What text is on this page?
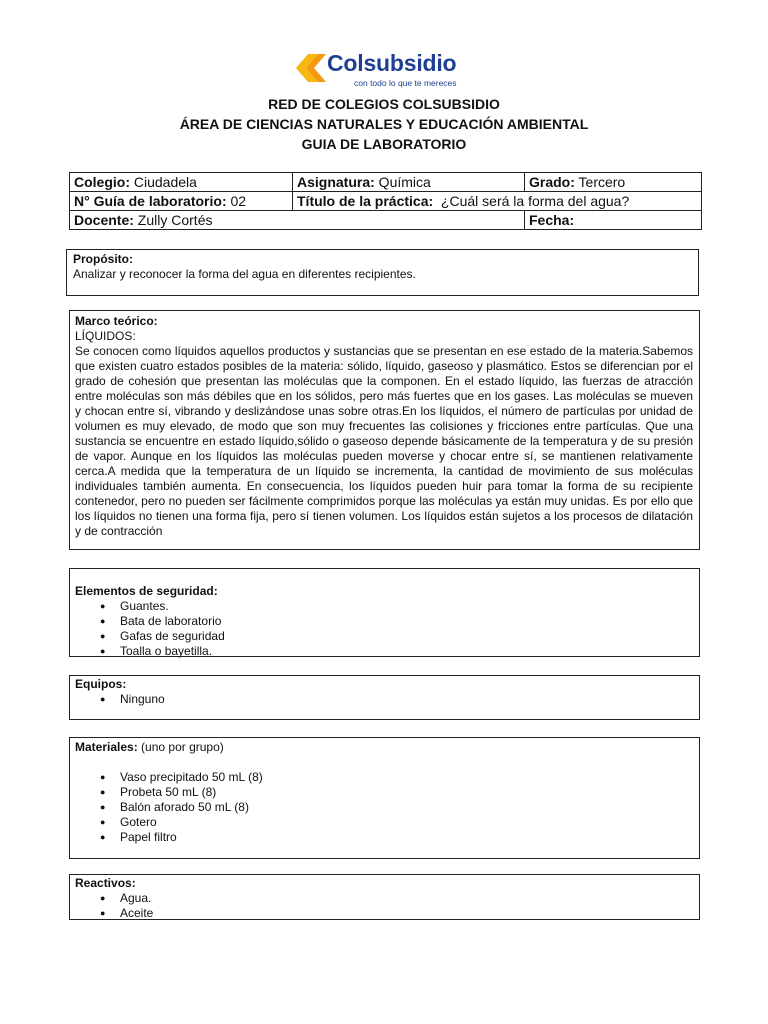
Colsubsidio
con todo lo que te mereces
RED DE COLEGIOS COLSUBSIDIO
ÁREA DE CIENCIAS NATURALES Y EDUCACIÓN AMBIENTAL
GUIA DE LABORATORIO
Colegio: Ciudadela	Asignatura: Química	Grado: Tercero
N° Guía de laboratorio: 02	Título de la práctica:  ¿Cuál será la forma del agua?	
Docente: Zully Cortés		Fecha:
Propósito:
Analizar y reconocer la forma del agua en diferentes recipientes.
Marco teórico:
LÍQUIDOS:
Se conocen como líquidos aquellos productos y sustancias que se presentan en ese estado de la materia.Sabemos que existen cuatro estados posibles de la materia: sólido, líquido, gaseoso y plasmático. Estos se diferencian por el grado de cohesión que presentan las moléculas que la componen. En el estado líquido, las fuerzas de atracción entre moléculas son más débiles que en los sólidos, pero más fuertes que en los gases. Las moléculas se mueven y chocan entre sí, vibrando y deslizándose unas sobre otras.En los líquidos, el número de partículas por unidad de volumen es muy elevado, de modo que son muy frecuentes las colisiones y fricciones entre partículas. Que una sustancia se encuentre en estado líquido,sólido o gaseoso depende básicamente de la temperatura y de su presión de vapor. Aunque en los líquidos las moléculas pueden moverse y chocar entre sí, se mantienen relativamente cerca.A medida que la temperatura de un líquido se incrementa, la cantidad de movimiento de sus moléculas individuales también aumenta. En consecuencia, los líquidos pueden huir para tomar la forma de su recipiente contenedor, pero no pueden ser fácilmente comprimidos porque las moléculas ya están muy unidas. Es por ello que los líquidos no tienen una forma fija, pero sí tienen volumen. Los líquidos están sujetos a los procesos de dilatación y de contracción
Elementos de seguridad:
● Guantes.
● Bata de laboratorio
● Gafas de seguridad
● Toalla o bayetilla.
Equipos:
● Ninguno
Materiales: (uno por grupo)
● Vaso precipitado 50 mL (8)
● Probeta 50 mL (8)
● Balón aforado 50 mL (8)
● Gotero
● Papel filtro
Reactivos:
● Agua.
● Aceite
